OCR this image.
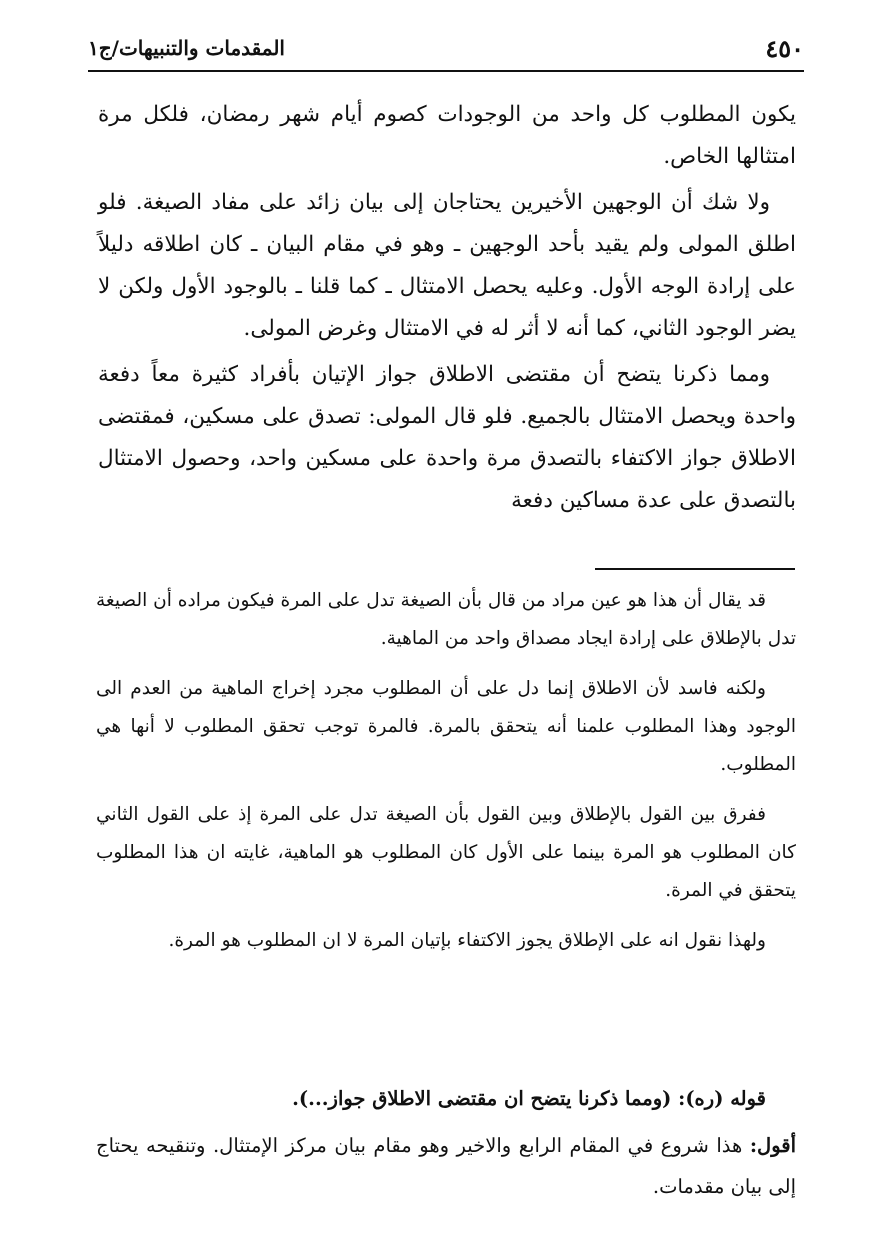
٤٥٠
المقدمات والتنبيهات/ج١

يكون المطلوب كل واحد من الوجودات كصوم أيام شهر رمضان، فلكل مرة امتثالها الخاص.

ولا شك أن الوجهين الأخيرين يحتاجان إلى بيان زائد على مفاد الصيغة. فلو اطلق المولى ولم يقيد بأحد الوجهين ـ وهو في مقام البيان ـ كان اطلاقه دليلاً على إرادة الوجه الأول. وعليه يحصل الامتثال ـ كما قلنا ـ بالوجود الأول ولكن لا يضر الوجود الثاني، كما أنه لا أثر له في الامتثال وغرض المولى.

ومما ذكرنا يتضح أن مقتضى الاطلاق جواز الإتيان بأفراد كثيرة معاً دفعة واحدة ويحصل الامتثال بالجميع. فلو قال المولى: تصدق على مسكين، فمقتضى الاطلاق جواز الاكتفاء بالتصدق مرة واحدة على مسكين واحد، وحصول الامتثال بالتصدق على عدة مساكين دفعة

قد يقال أن هذا هو عين مراد من قال بأن الصيغة تدل على المرة فيكون مراده أن الصيغة تدل بالإطلاق على إرادة ايجاد مصداق واحد من الماهية.

ولكنه فاسد لأن الاطلاق إنما دل على أن المطلوب مجرد إخراج الماهية من العدم الى الوجود وهذا المطلوب علمنا أنه يتحقق بالمرة. فالمرة توجب تحقق المطلوب لا أنها هي المطلوب.

ففرق بين القول بالإطلاق وبين القول بأن الصيغة تدل على المرة إذ على القول الثاني كان المطلوب هو المرة بينما على الأول كان المطلوب هو الماهية، غايته ان هذا المطلوب يتحقق في المرة.

ولهذا نقول انه على الإطلاق يجوز الاكتفاء بإتيان المرة لا ان المطلوب هو المرة.

قوله (ره): (ومما ذكرنا يتضح ان مقتضى الاطلاق جواز...).

أقول: هذا شروع في المقام الرابع والاخير وهو مقام بيان مركز الإمتثال. وتنقيحه يحتاج إلى بيان مقدمات.
